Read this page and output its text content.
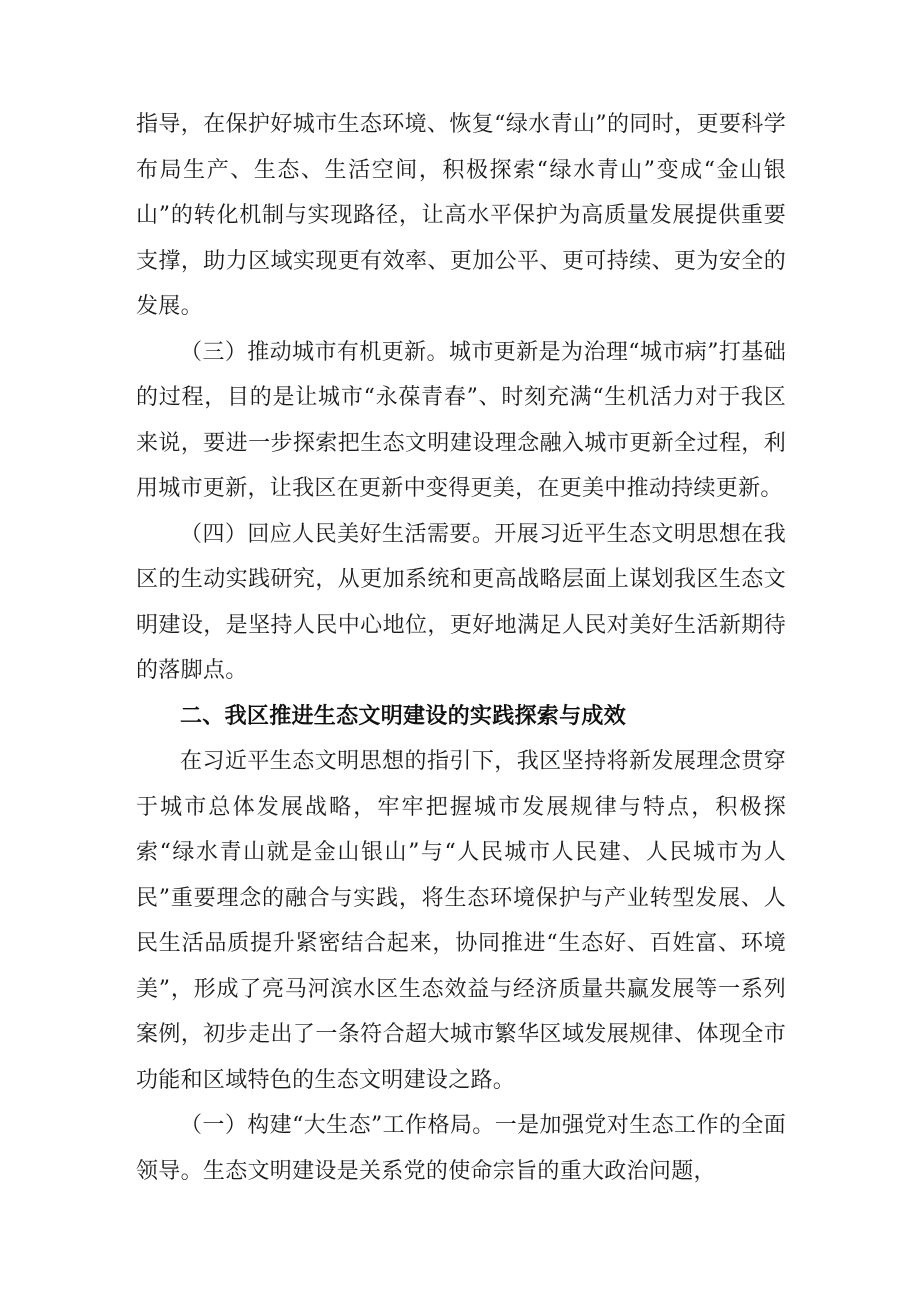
指导，在保护好城市生态环境、恢复“绿水青山”的同时，更要科学布局生产、生态、生活空间，积极探索“绿水青山”变成“金山银山”的转化机制与实现路径，让高水平保护为高质量发展提供重要支撑，助力区域实现更有效率、更加公平、更可持续、更为安全的发展。

（三）推动城市有机更新。城市更新是为治理“城市病”打基础的过程，目的是让城市“永葆青春”、时刻充满“生机活力对于我区来说，要进一步探索把生态文明建设理念融入城市更新全过程，利用城市更新，让我区在更新中变得更美，在更美中推动持续更新。

（四）回应人民美好生活需要。开展习近平生态文明思想在我区的生动实践研究，从更加系统和更高战略层面上谋划我区生态文明建设，是坚持人民中心地位，更好地满足人民对美好生活新期待的落脚点。

二、我区推进生态文明建设的实践探索与成效

在习近平生态文明思想的指引下，我区坚持将新发展理念贯穿于城市总体发展战略，牢牢把握城市发展规律与特点，积极探索“绿水青山就是金山银山”与“人民城市人民建、人民城市为人民”重要理念的融合与实践，将生态环境保护与产业转型发展、人民生活品质提升紧密结合起来，协同推进“生态好、百姓富、环境美”，形成了亮马河滨水区生态效益与经济质量共赢发展等一系列案例，初步走出了一条符合超大城市繁华区域发展规律、体现全市功能和区域特色的生态文明建设之路。

（一）构建“大生态”工作格局。一是加强党对生态工作的全面领导。生态文明建设是关系党的使命宗旨的重大政治问题，
